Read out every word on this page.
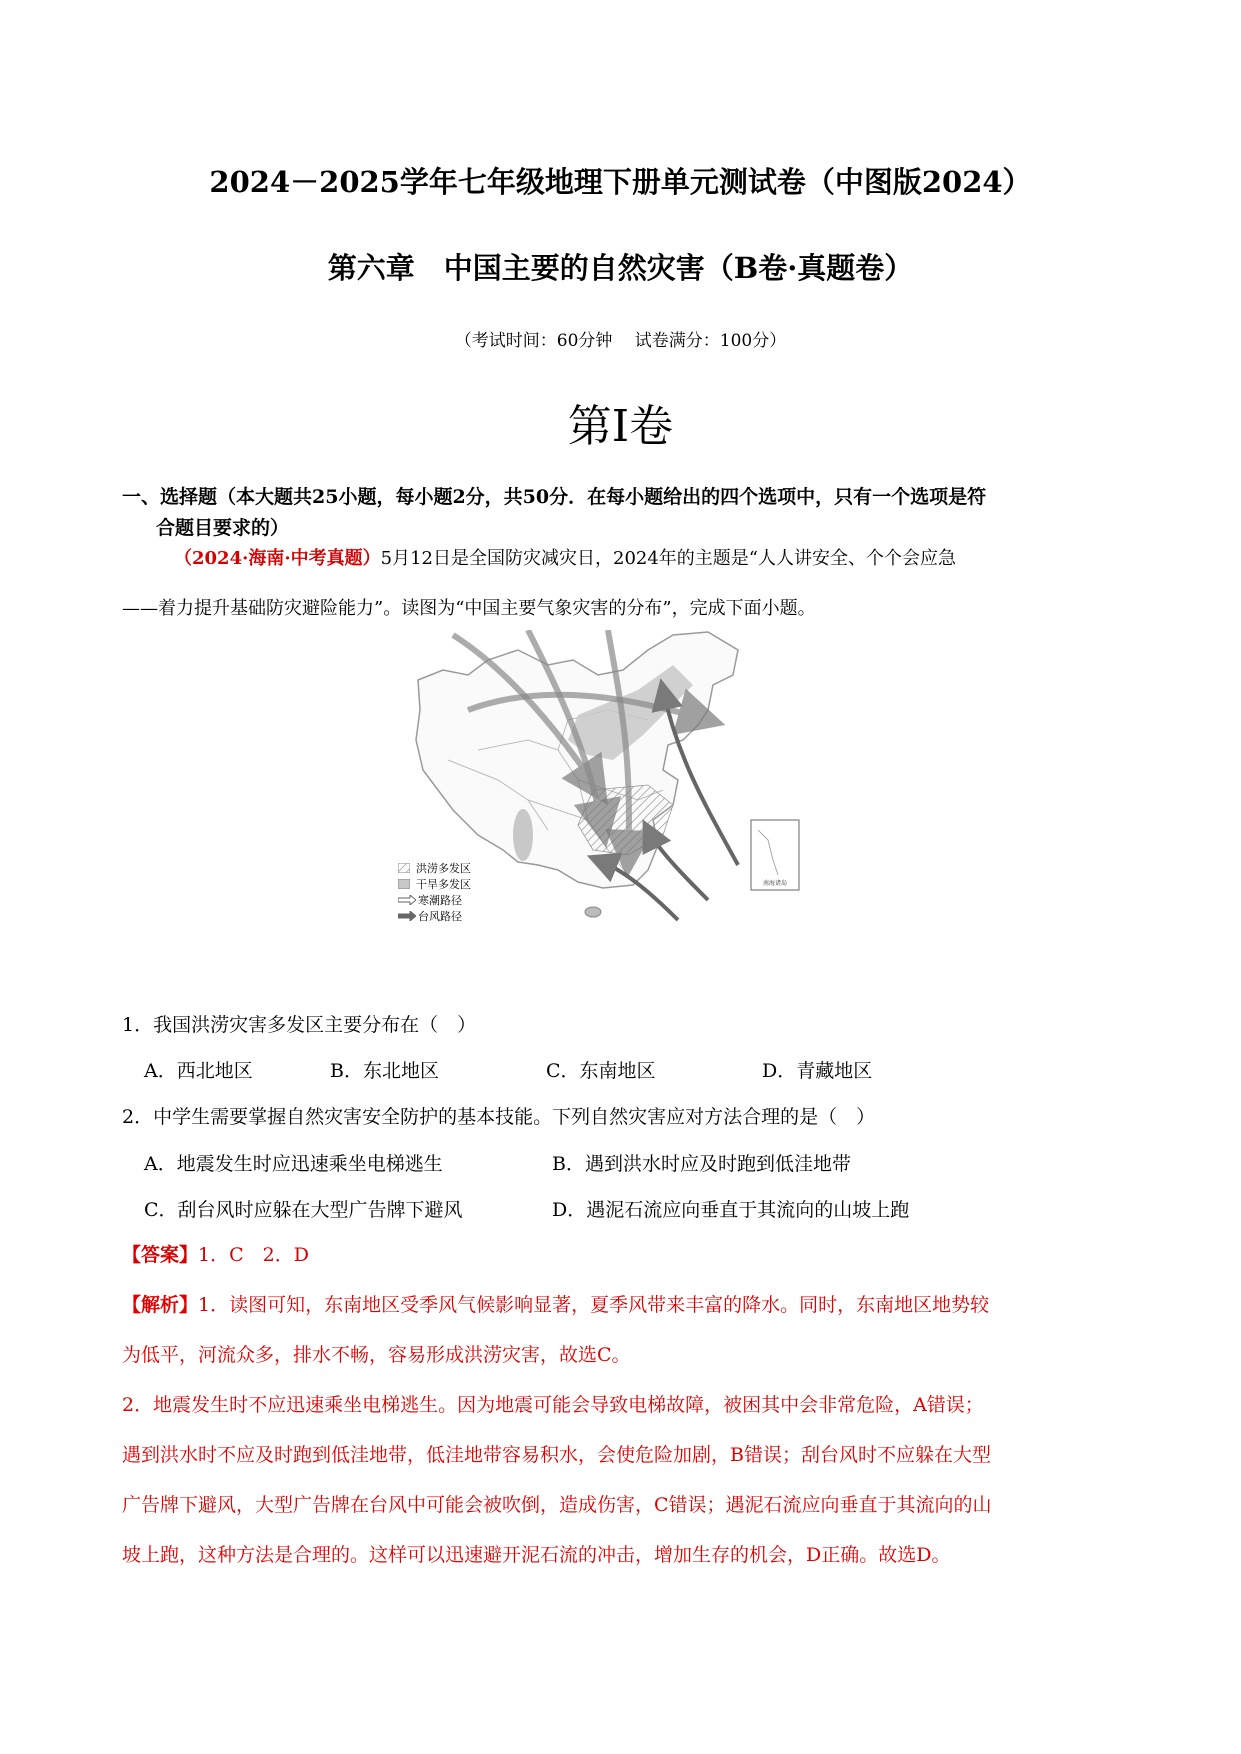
2024－2025学年七年级地理下册单元测试卷（中图版2024）
第六章　中国主要的自然灾害（B卷·真题卷）
（考试时间：60分钟　 试卷满分：100分）
第Ⅰ卷
一、选择题（本大题共25小题，每小题2分，共50分．在每小题给出的四个选项中，只有一个选项是符
合题目要求的）
（2024·海南·中考真题）5月12日是全国防灾减灾日，2024年的主题是“人人讲安全、个个会应急
——着力提升基础防灾避险能力”。读图为“中国主要气象灾害的分布”，完成下面小题。
南海诸岛
洪涝多发区
干旱多发区
寒潮路径
台风路径
1．我国洪涝灾害多发区主要分布在（　）
A．西北地区	B．东北地区	C．东南地区	D．青藏地区
2．中学生需要掌握自然灾害安全防护的基本技能。下列自然灾害应对方法合理的是（　）
A．地震发生时应迅速乘坐电梯逃生	B．遇到洪水时应及时跑到低洼地带
C．刮台风时应躲在大型广告牌下避风	D．遇泥石流应向垂直于其流向的山坡上跑
【答案】1．C　2．D
【解析】1．读图可知，东南地区受季风气候影响显著，夏季风带来丰富的降水。同时，东南地区地势较
为低平，河流众多，排水不畅，容易形成洪涝灾害，故选C。
2．地震发生时不应迅速乘坐电梯逃生。因为地震可能会导致电梯故障，被困其中会非常危险，A错误；
遇到洪水时不应及时跑到低洼地带，低洼地带容易积水，会使危险加剧，B错误；刮台风时不应躲在大型
广告牌下避风，大型广告牌在台风中可能会被吹倒，造成伤害，C错误；遇泥石流应向垂直于其流向的山
坡上跑，这种方法是合理的。这样可以迅速避开泥石流的冲击，增加生存的机会，D正确。故选D。
